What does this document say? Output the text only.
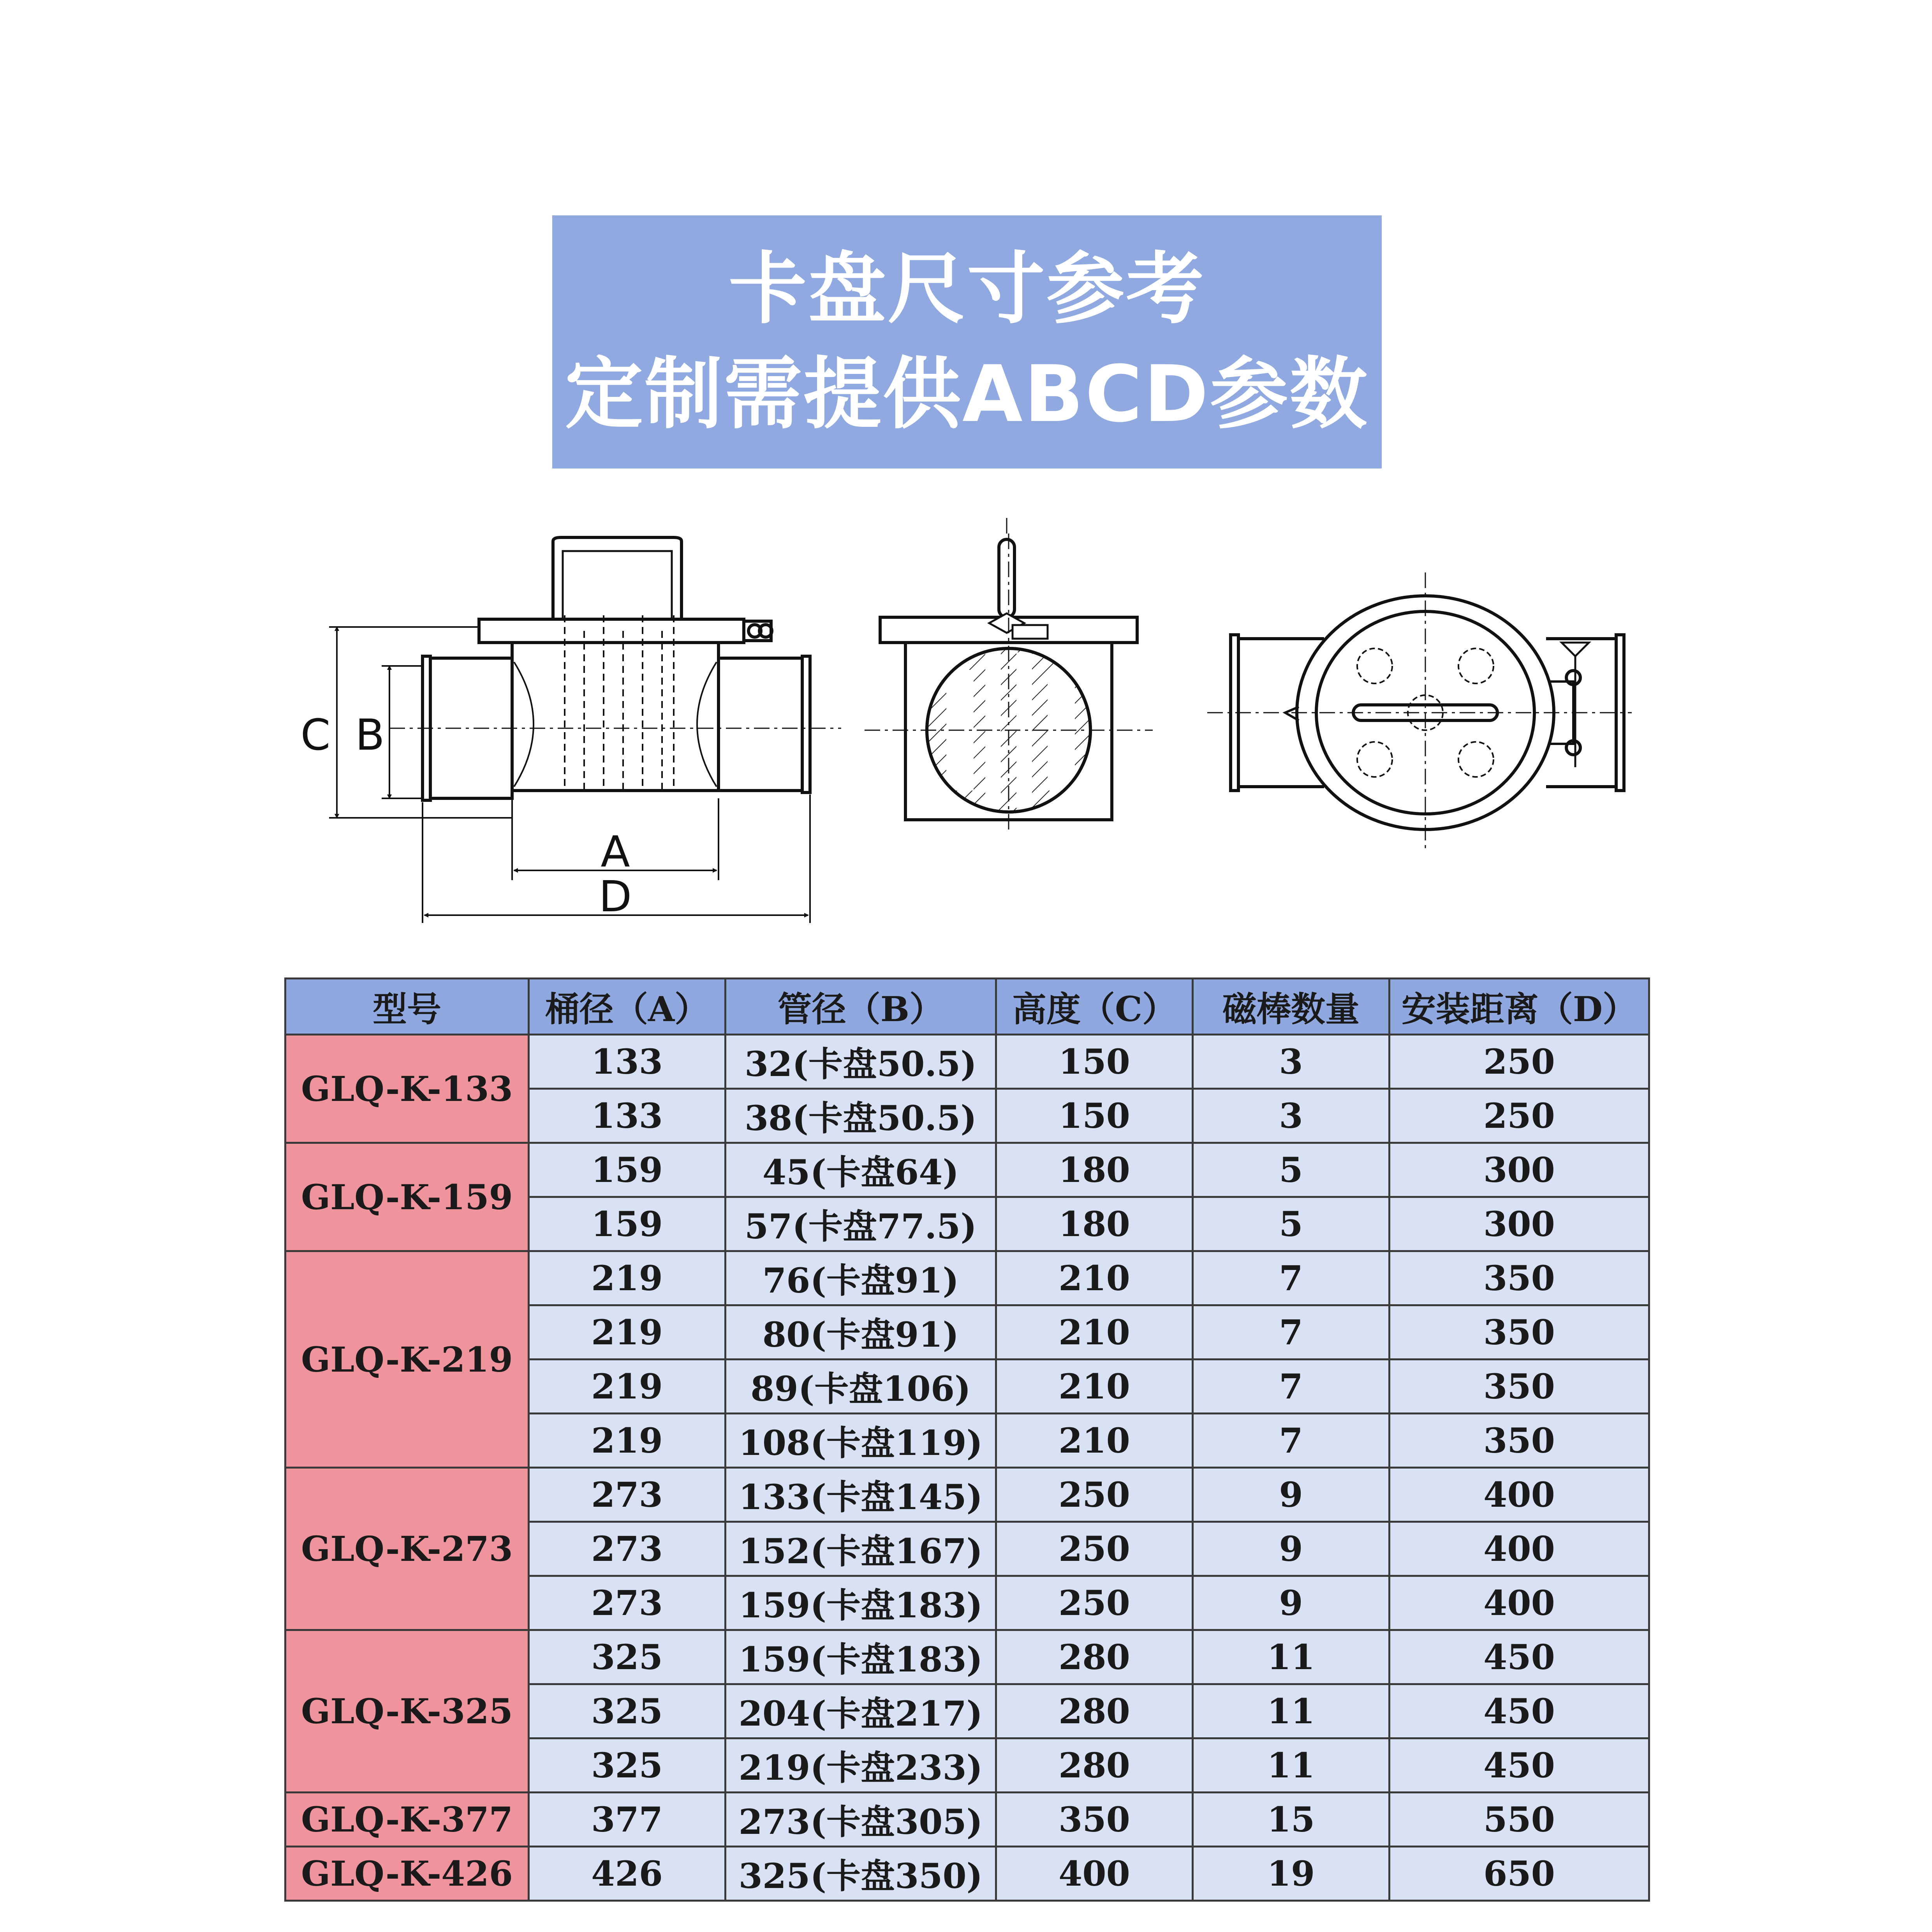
卡盘尺寸参考
定制需提供ABCD参数
C B
A
D
型号	桶径（A）	管径（B）	高度（C）	磁棒数量	安装距离（D）
GLQ-K-133	133	32(卡盘50.5)	150	3	250
	133	38(卡盘50.5)	150	3	250
GLQ-K-159	159	45(卡盘64)	180	5	300
	159	57(卡盘77.5)	180	5	300
GLQ-K-219	219	76(卡盘91)	210	7	350
	219	80(卡盘91)	210	7	350
	219	89(卡盘106)	210	7	350
	219	108(卡盘119)	210	7	350
GLQ-K-273	273	133(卡盘145)	250	9	400
	273	152(卡盘167)	250	9	400
	273	159(卡盘183)	250	9	400
GLQ-K-325	325	159(卡盘183)	280	11	450
	325	204(卡盘217)	280	11	450
	325	219(卡盘233)	280	11	450
GLQ-K-377	377	273(卡盘305)	350	15	550
GLQ-K-426	426	325(卡盘350)	400	19	650
